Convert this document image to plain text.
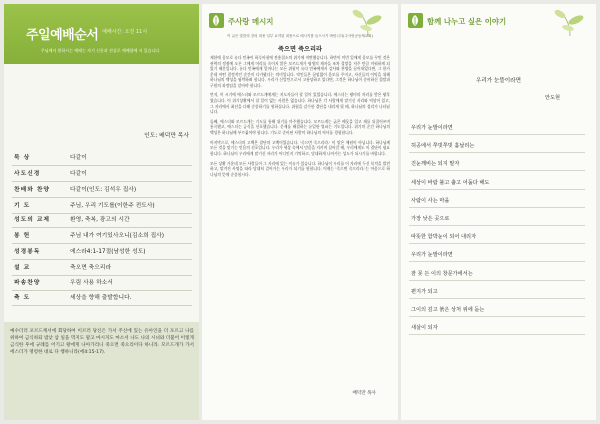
주일예배순서 예배시간: 오전 11시
주님께서 원하시는 예배는 자기 신분과 진실로 예배함에 서 있습니다
인도: 배덕만 목사
묵 상	다같이
사도신경	다같이
찬배와 찬양	다같이(인도: 김석우 집사)
기 도	주님, 우리 기도를(이한주 전도사)
성도의 교제	환영, 축복, 광고의 시간
봉 헌	주님 내가 여기있사오니(김소희 집사)
성경봉독	에스라4:1-17절(남성한 성도)
설 교	축오면 축으리라
파송찬양	우림 사용 하소서
축 도	세상을 향해 출발합니다.
예수더러 포르드께서에 회당하여 이르러 당신은 가서 주신에 있는 유아인을 더 포르고 나를 위하여 금식하되 밤낮 삼 일을 먹지도 말고 마시지도 마소서 나도 나의 시녀와 더불어 이렇게 금식한 후에 규례를 어기고 왕에게 나아가리니 죽으면 죽으리이다 하니라. 모르드개가 가서 에스더가 명령한 대로 다 행하니라(에4:15-17).
주사랑 메시지
이 글은 말씀의 강의 내용 일부 요약된 내용으로 메시지를 들으시기 바랍니다(주사랑공동체교회)
죽으면 죽으리라

제한에 음모로 유다 민족이 하루아침에 전흥절소의 위기에 직면했습니다. 하만이 이번 일에게 음모를 꾸민 것은 권력의 정점에 오른 그에게 머리를 숙이지 않은 모르드개가 평생의 제자들 조차 절망을 저주 만큼 미워하게 되었기 때문입니다. 유다 민족에게 일어나는 모든 위험이 유다 민족에게서 감사와 찬양을 끌어내었다면, 그 한가운데 어떤 결정적인 순간이 다가왔다는 의미입니다. 악인들은 끊임없이 음모를 꾸미고, 자신들의 이익을 위해 하나님의 백성을 핍박하려 합니다. 우리가 신앙인으로서 고통당하고 있다면, 그것은 하나님이 준비하신 결말과 구원의 과정임을 알아야 합니다.

먼저, 이 시기에 에스더와 모르드개에게는 지도자들이 할 일이 있었습니다. 에스더는 왕비의 자리를 받은 왕후였습니다. 이 위기상황에서 할 일이 없는 사람은 없습니다. 하나님은 각 사람에게 맡기신 자리와 역할이 있고, 그 자리에서 최선을 다해 순종하기를 원하십니다. 위험을 감수한 결단을 내리게 될 때, 하나님의 섭리가 나타납니다.

둘째, 에스더와 모르드개는 기도를 통해 위기를 마주했습니다. 모르드개는 굵은 베옷을 입고 재를 뒤집어쓰며 통곡했고, 에스더는 금식을 선포했습니다. 문제를 해결하는 유일한 열쇠는 기도입니다. 위기의 순간 하나님의 백성은 하나님께 부르짖어야 합니다. 기도로 준비된 사람이 하나님의 역사를 경험합니다.

마지막으로, 에스더의 고백은 결단의 고백이었습니다. '죽으면 죽으리라.' 이 말은 체념이 아닙니다. 하나님께 모든 것을 맡기는 믿음의 선포입니다. 우리가 세상 속에서 믿음을 지키며 살아갈 때, 우리에게도 이 결단이 필요합니다. 하나님이 우리에게 맡기신 자리가 어디인지 기억하고, 담대하게 나아가는 성도가 되시기를 바랍니다.

모든 상황 가운데 모든 사람들이 그 자리에 있는 이유가 있습니다. 하나님이 우리를 이 자리에 두신 목적을 발견하고, 맡겨진 사명을 따라 담대히 걸어가는 우리가 되기를 원합니다. 이제는 '죽으면 죽으리라.'는 마음으로 하나님의 뜻에 순종합시다.

배덕만 목사
함께 나누고 싶은 이야기
우리가 눈뜰이라면
안도현
우리가 눈발이라면
허공에서 쭈빗쭈빗 흩날리는
진눈깨비는 되지 말자
세상이 바람 불고 춥고 어둡다 해도
사람이 사는 마을
가장 낮은 곳으로
따뜻한 함박눈이 되어 내리자
우리가 눈발이라면
잠 못 든 이의 창문가에서는
편지가 되고
그이의 깊고 붉은 상처 위에 돋는
새살이 되자
